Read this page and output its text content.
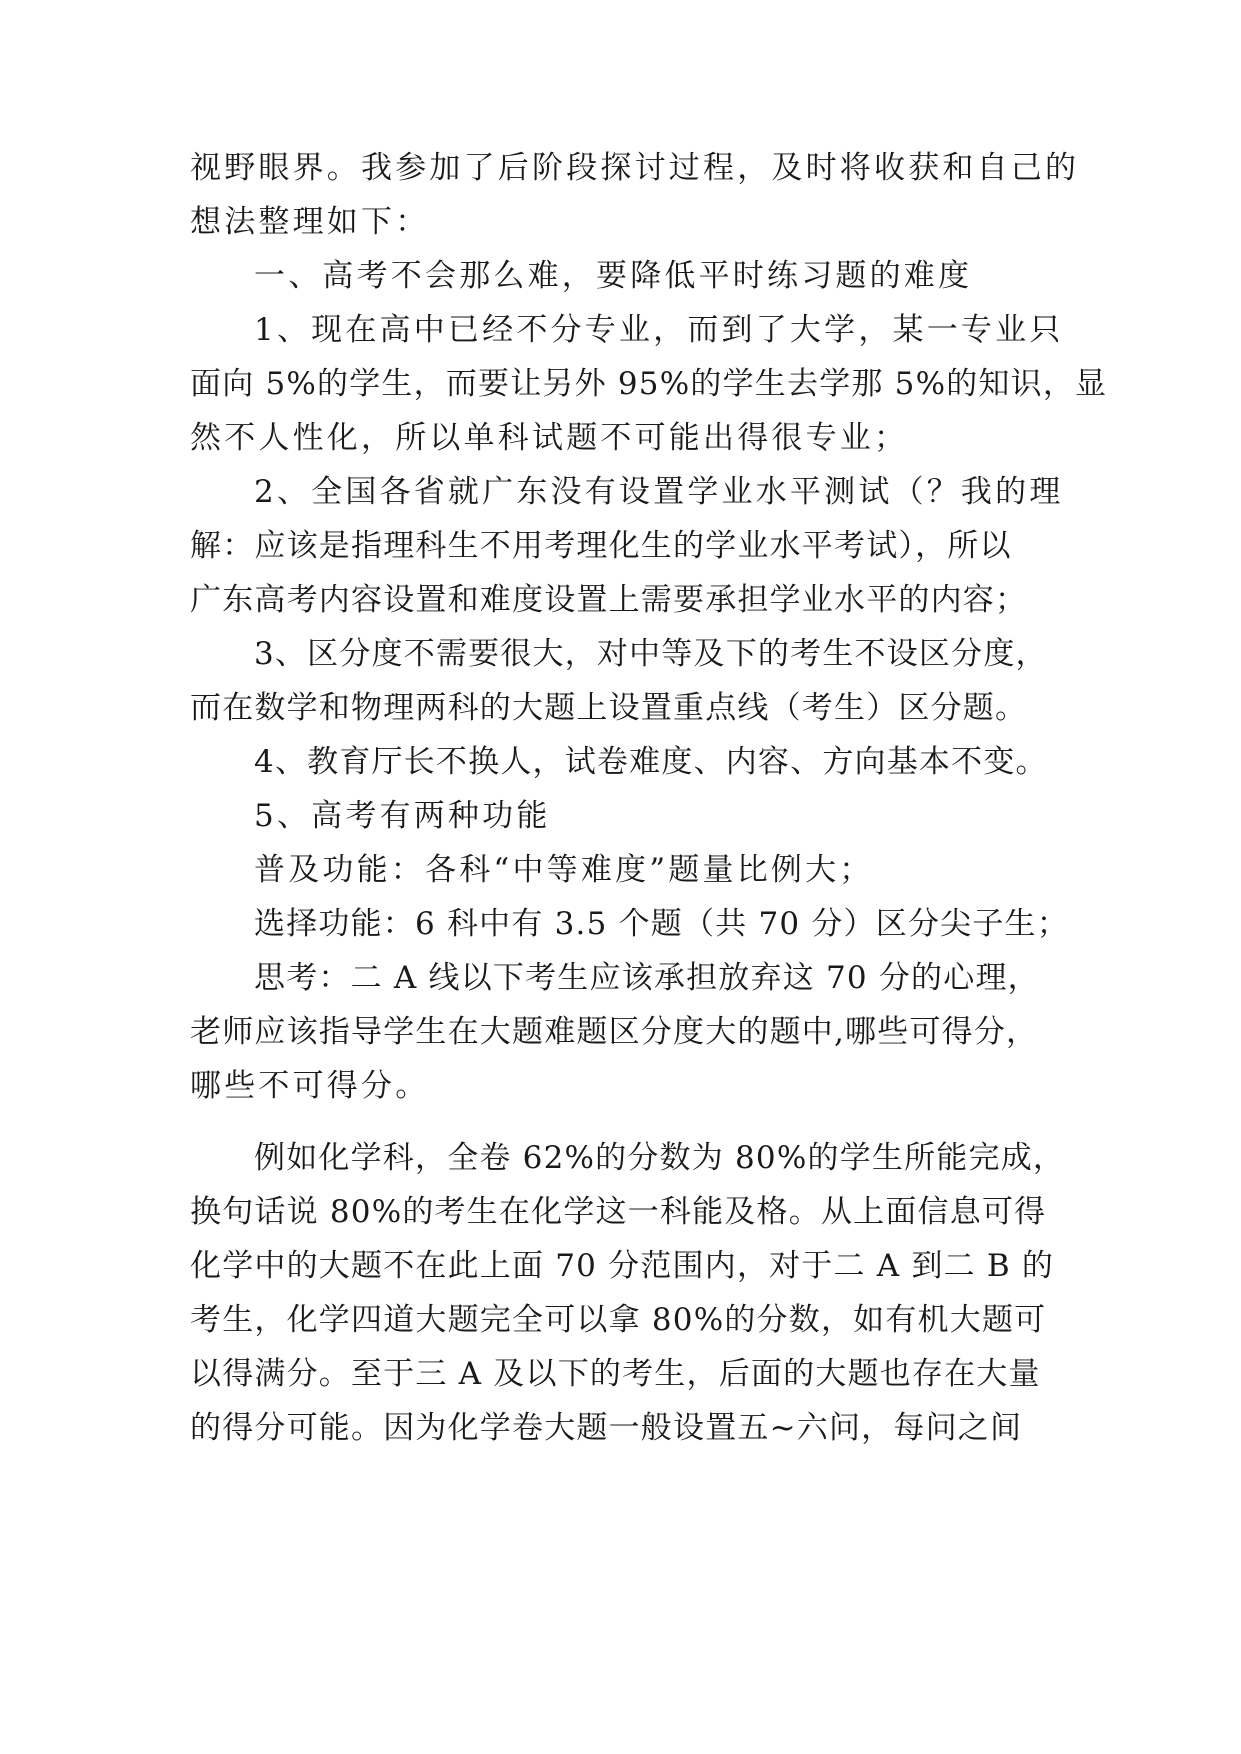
视野眼界。我参加了后阶段探讨过程，及时将收获和自己的
想法整理如下：
一、高考不会那么难，要降低平时练习题的难度
1、现在高中已经不分专业，而到了大学，某一专业只
面向 5%的学生，而要让另外 95%的学生去学那 5%的知识，显
然不人性化，所以单科试题不可能出得很专业；
2、全国各省就广东没有设置学业水平测试（？我的理
解：应该是指理科生不用考理化生的学业水平考试），所以
广东高考内容设置和难度设置上需要承担学业水平的内容；
3、区分度不需要很大，对中等及下的考生不设区分度，
而在数学和物理两科的大题上设置重点线（考生）区分题。
4、教育厅长不换人，试卷难度、内容、方向基本不变。
5、高考有两种功能
普及功能：各科“中等难度”题量比例大；
选择功能：6 科中有 3.5 个题（共 70 分）区分尖子生；
思考：二 A 线以下考生应该承担放弃这 70 分的心理，
老师应该指导学生在大题难题区分度大的题中,哪些可得分，
哪些不可得分。
例如化学科，全卷 62%的分数为 80%的学生所能完成，
换句话说 80%的考生在化学这一科能及格。从上面信息可得
化学中的大题不在此上面 70 分范围内，对于二 A 到二 B 的
考生，化学四道大题完全可以拿 80%的分数，如有机大题可
以得满分。至于三 A 及以下的考生，后面的大题也存在大量
的得分可能。因为化学卷大题一般设置五~六问，每问之间
